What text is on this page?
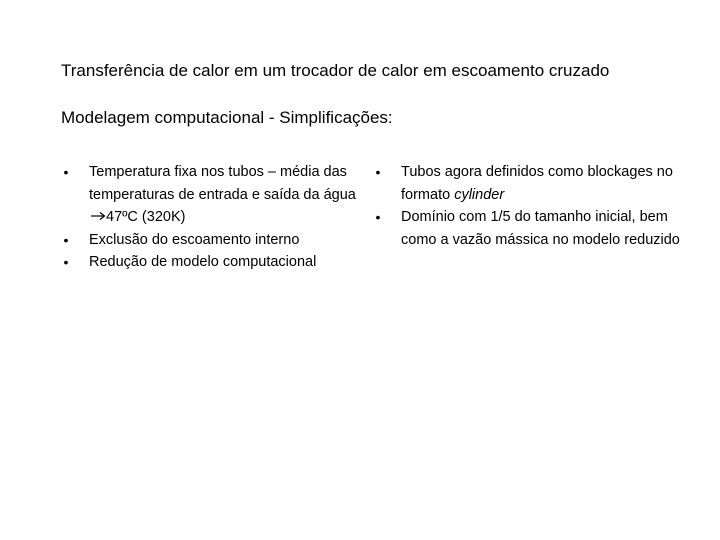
Transferência de calor em um trocador de calor em escoamento cruzado
Modelagem computacional - Simplificações:
• Temperatura fixa nos tubos – média das temperaturas de entrada e saída da água 47ºC (320K)
• Exclusão do escoamento interno
• Redução de modelo computacional
• Tubos agora definidos como blockages no formato cylinder
• Domínio com 1/5 do tamanho inicial, bem como a vazão mássica no modelo reduzido
